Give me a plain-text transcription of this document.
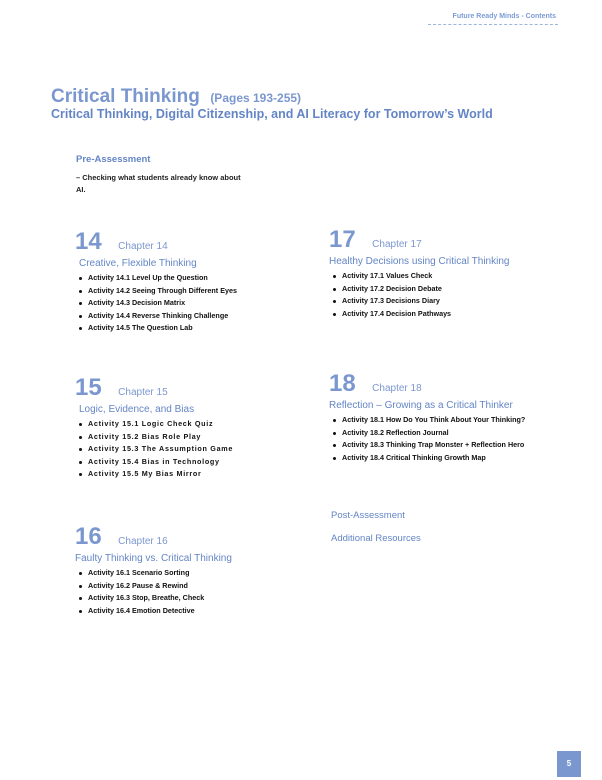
Future Ready Minds - Contents
Critical Thinking (Pages 193-255)
Critical Thinking, Digital Citizenship, and AI Literacy for Tomorrow’s World
Pre-Assessment
– Checking what students already know about AI.
14 Chapter 14
Creative, Flexible Thinking
Activity 14.1 Level Up the Question
Activity 14.2 Seeing Through Different Eyes
Activity 14.3 Decision Matrix
Activity 14.4 Reverse Thinking Challenge
Activity 14.5 The Question Lab
15 Chapter 15
Logic, Evidence, and Bias
Activity 15.1 Logic Check Quiz
Activity 15.2 Bias Role Play
Activity 15.3 The Assumption Game
Activity 15.4 Bias in Technology
Activity 15.5 My Bias Mirror
16 Chapter 16
Faulty Thinking vs. Critical Thinking
Activity 16.1 Scenario Sorting
Activity 16.2 Pause & Rewind
Activity 16.3 Stop, Breathe, Check
Activity 16.4 Emotion Detective
17 Chapter 17
Healthy Decisions using Critical Thinking
Activity 17.1 Values Check
Activity 17.2 Decision Debate
Activity 17.3 Decisions Diary
Activity 17.4 Decision Pathways
18 Chapter 18
Reflection – Growing as a Critical Thinker
Activity 18.1 How Do You Think About Your Thinking?
Activity 18.2 Reflection Journal
Activity 18.3 Thinking Trap Monster + Reflection Hero
Activity 18.4 Critical Thinking Growth Map
Post-Assessment
Additional Resources
5
